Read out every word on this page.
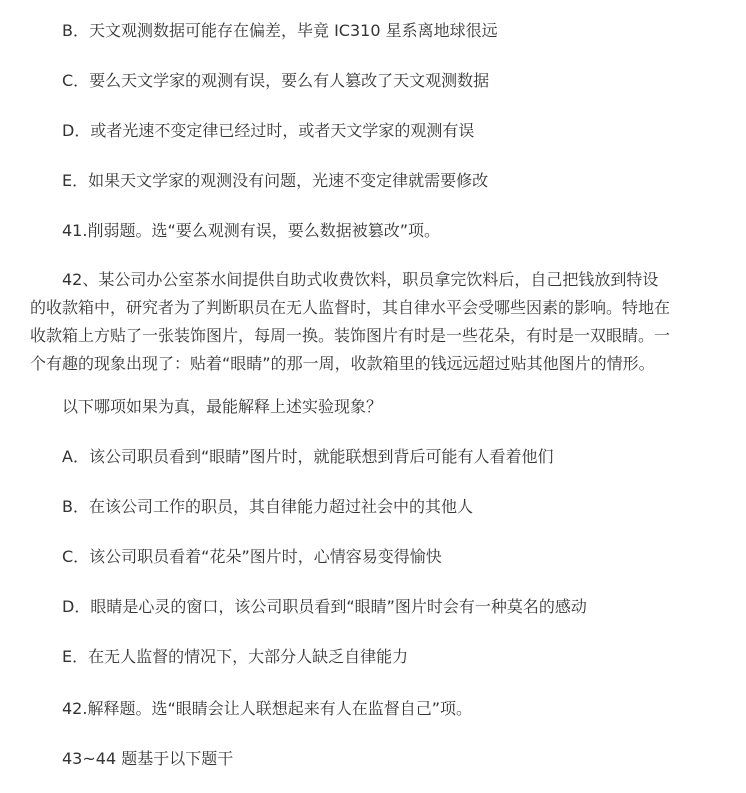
B．天文观测数据可能存在偏差，毕竟 IC310 星系离地球很远
C．要么天文学家的观测有误，要么有人篡改了天文观测数据
D．或者光速不变定律已经过时，或者天文学家的观测有误
E．如果天文学家的观测没有问题，光速不变定律就需要修改
41.削弱题。选“要么观测有误，要么数据被篡改”项。
42、某公司办公室茶水间提供自助式收费饮料，职员拿完饮料后，自己把钱放到特设
的收款箱中，研究者为了判断职员在无人监督时，其自律水平会受哪些因素的影响。特地在
收款箱上方贴了一张装饰图片，每周一换。装饰图片有时是一些花朵，有时是一双眼睛。一
个有趣的现象出现了：贴着“眼睛”的那一周，收款箱里的钱远远超过贴其他图片的情形。
以下哪项如果为真，最能解释上述实验现象？
A．该公司职员看到“眼睛”图片时，就能联想到背后可能有人看着他们
B．在该公司工作的职员，其自律能力超过社会中的其他人
C．该公司职员看着“花朵”图片时，心情容易变得愉快
D．眼睛是心灵的窗口，该公司职员看到“眼睛”图片时会有一种莫名的感动
E．在无人监督的情况下，大部分人缺乏自律能力
42.解释题。选“眼睛会让人联想起来有人在监督自己”项。
43~44 题基于以下题干
